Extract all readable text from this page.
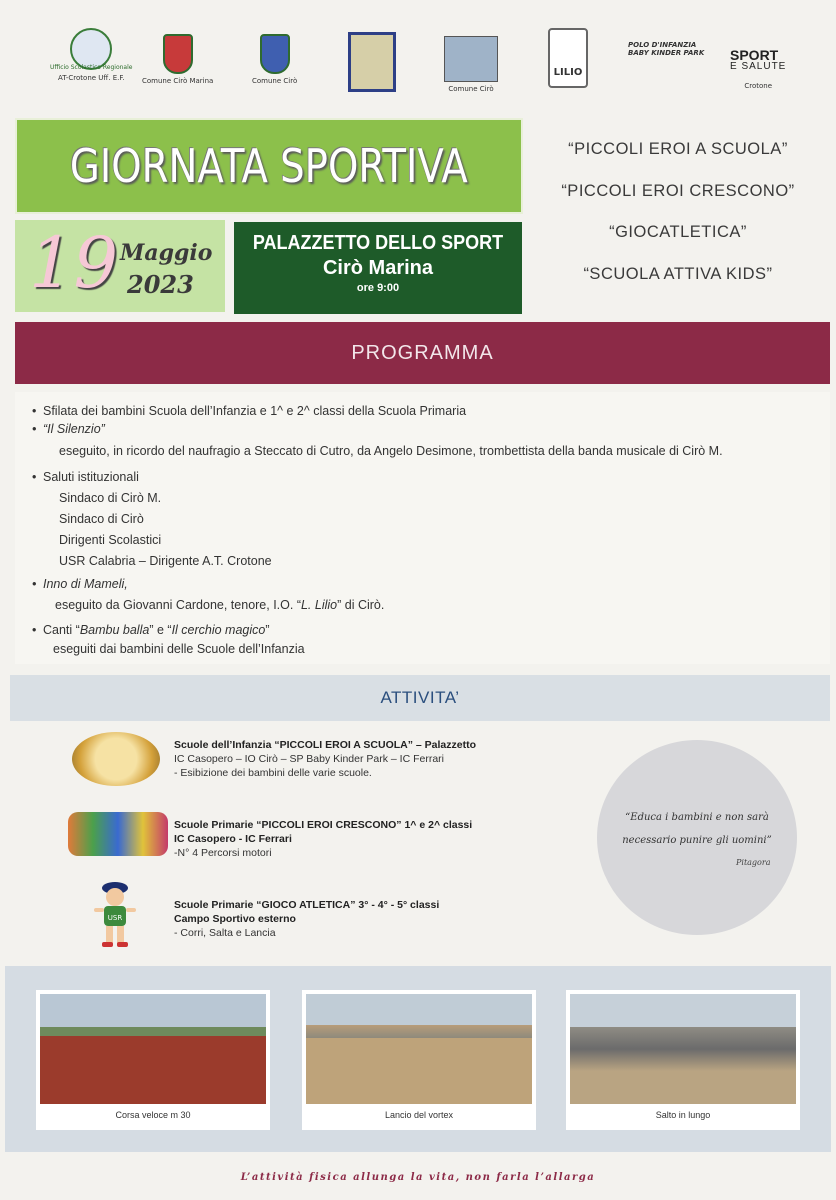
Ufficio Scolastico Regionale
AT-Crotone Uff. E.F.	Comune Cirò Marina	Comune Cirò
Comune Cirò
LILIO
POLO D'INFANZIA BABY KINDER PARK SPORT
E SALUTE
Crotone
GIORNATA SPORTIVA
19 Maggio
2023
PALAZZETTO DELLO SPORT
Cirò Marina
ore 9:00
“PICCOLI EROI A SCUOLA”
“PICCOLI EROI CRESCONO”
“GIOCATLETICA”
“SCUOLA ATTIVA KIDS”
PROGRAMMA
• Sfilata dei bambini Scuola dell’Infanzia e 1^ e 2^ classi della Scuola Primaria
• “Il Silenzio”
eseguito, in ricordo del naufragio a Steccato di Cutro, da Angelo Desimone, trombettista della banda musicale di Cirò M.
• Saluti istituzionali
Sindaco di Cirò M.
Sindaco di Cirò
Dirigenti Scolastici
USR Calabria – Dirigente A.T. Crotone
• Inno di Mameli,
eseguito da Giovanni Cardone, tenore, I.O. “L. Lilio” di Cirò.
• Canti “Bambu balla” e “Il cerchio magico”
eseguiti dai bambini delle Scuole dell’Infanzia
ATTIVITA’
Scuole dell’Infanzia “PICCOLI EROI A SCUOLA” – Palazzetto
IC Casopero – IO Cirò – SP Baby Kinder Park – IC Ferrari
- Esibizione dei bambini delle varie scuole.
Scuole Primarie “PICCOLI EROI CRESCONO” 1^ e 2^ classi
IC Casopero - IC Ferrari
-N° 4 Percorsi motori
USR
Scuole Primarie “GIOCO ATLETICA” 3° - 4° - 5° classi
Campo Sportivo esterno
- Corri, Salta e Lancia
“Educa i bambini e non sarà
necessario punire gli uomini”
Pitagora
Corsa veloce m 30	Lancio del vortex	Salto in lungo
L’attività fisica allunga la vita, non farla l’allarga
